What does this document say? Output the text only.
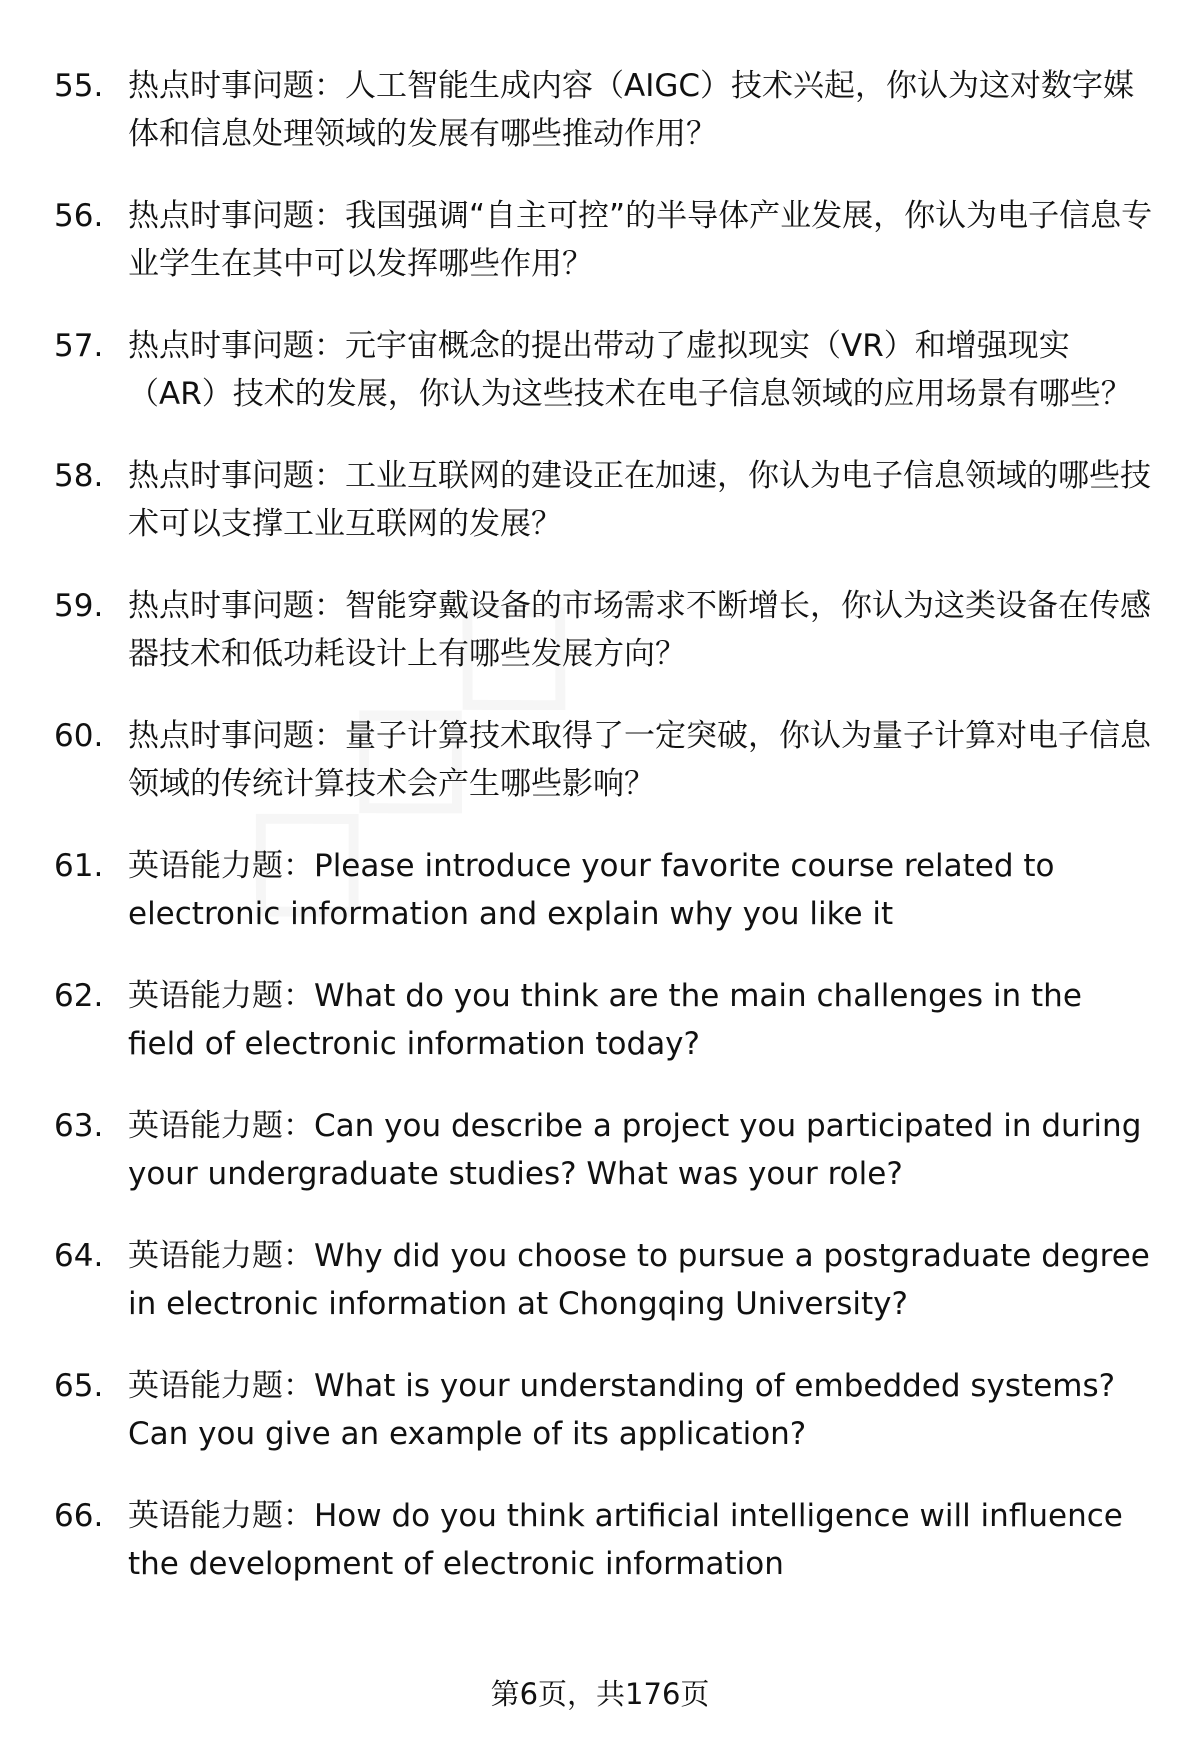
55. 热点时事问题：人工智能生成内容（AIGC）技术兴起，你认为这对数字媒体和信息处理领域的发展有哪些推动作用？
56. 热点时事问题：我国强调“自主可控”的半导体产业发展，你认为电子信息专业学生在其中可以发挥哪些作用？
57. 热点时事问题：元宇宙概念的提出带动了虚拟现实（VR）和增强现实（AR）技术的发展，你认为这些技术在电子信息领域的应用场景有哪些？
58. 热点时事问题：工业互联网的建设正在加速，你认为电子信息领域的哪些技术可以支撑工业互联网的发展？
59. 热点时事问题：智能穿戴设备的市场需求不断增长，你认为这类设备在传感器技术和低功耗设计上有哪些发展方向？
60. 热点时事问题：量子计算技术取得了一定突破，你认为量子计算对电子信息领域的传统计算技术会产生哪些影响？
61. 英语能力题：Please introduce your favorite course related to electronic information and explain why you like it
62. 英语能力题：What do you think are the main challenges in the field of electronic information today?
63. 英语能力题：Can you describe a project you participated in during your undergraduate studies? What was your role?
64. 英语能力题：Why did you choose to pursue a postgraduate degree in electronic information at Chongqing University?
65. 英语能力题：What is your understanding of embedded systems? Can you give an example of its application?
66. 英语能力题：How do you think artificial intelligence will influence the development of electronic information
第6页，共176页
